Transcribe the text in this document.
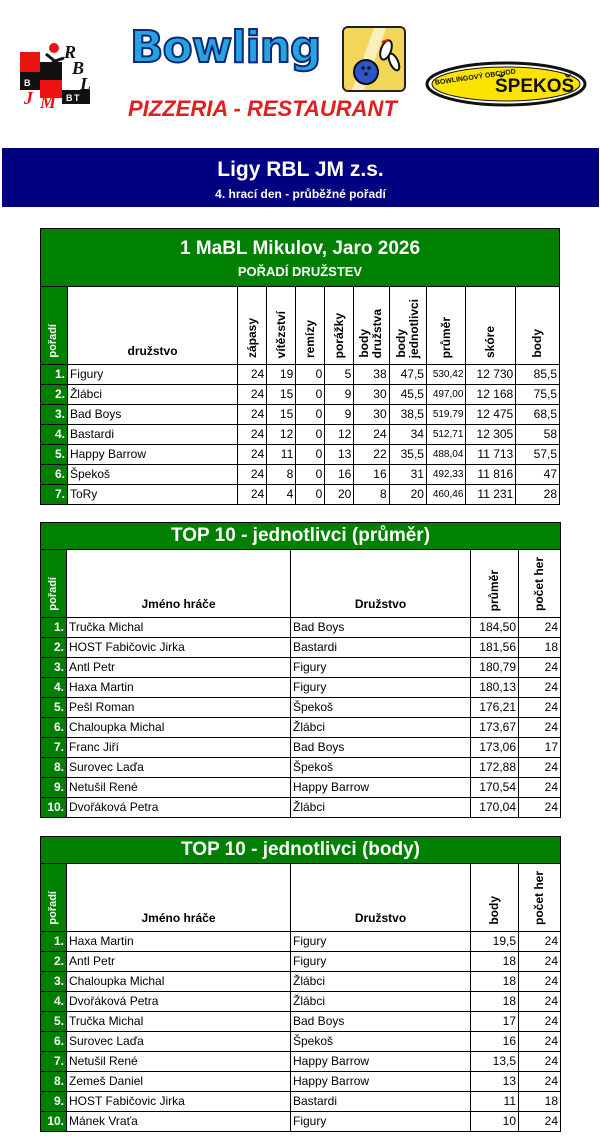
R
B
L
J M
B
B T
Bowling
PIZZERIA - RESTAURANT
BOWLINGOVÝ OBCHOD
ŠPEKOŠ
Ligy RBL JM z.s.
4. hrací den - průběžné pořadí
1 MaBL Mikulov, Jaro 2026
POŘADÍ DRUŽSTEV										

pořadí	družstvo	zápasy	vítězství	remízy	porážky	bodydružstva	bodyjednotlivci	průměr	skóre	body
1.	Figury	24	19	0	5	38	47,5	530,42	12 730	85,5
2.	Žlábci	24	15	0	9	30	45,5	497,00	12 168	75,5
3.	Bad Boys	24	15	0	9	30	38,5	519,79	12 475	68,5
4.	Bastardi	24	12	0	12	24	34	512,71	12 305	58
5.	Happy Barrow	24	11	0	13	22	35,5	488,04	11 713	57,5
6.	Špekoš	24	8	0	16	16	31	492,33	11 816	47
7.	ToRy	24	4	0	20	8	20	460,46	11 231	28
TOP 10 - jednotlivci (průměr)				
pořadí	Jméno hráče	Družstvo	průměr	počet her
1.	Tručka Michal	Bad Boys	184,50	24
2.	HOST Fabičovic Jirka	Bastardi	181,56	18
3.	Antl Petr	Figury	180,79	24
4.	Haxa Martin	Figury	180,13	24
5.	Pešl Roman	Špekoš	176,21	24
6.	Chaloupka Michal	Žlábci	173,67	24
7.	Franc Jiří	Bad Boys	173,06	17
8.	Surovec Laďa	Špekoš	172,88	24
9.	Netušil René	Happy Barrow	170,54	24
10.	Dvořáková Petra	Žlábci	170,04	24
TOP 10 - jednotlivci (body)				
pořadí	Jméno hráče	Družstvo	body	počet her
1.	Haxa Martin	Figury	19,5	24
2.	Antl Petr	Figury	18	24
3.	Chaloupka Michal	Žlábci	18	24
4.	Dvořáková Petra	Žlábci	18	24
5.	Tručka Michal	Bad Boys	17	24
6.	Surovec Laďa	Špekoš	16	24
7.	Netušil René	Happy Barrow	13,5	24
8.	Zemeš Daniel	Happy Barrow	13	24
9.	HOST Fabičovic Jirka	Bastardi	11	18
10.	Mánek Vraťa	Figury	10	24
